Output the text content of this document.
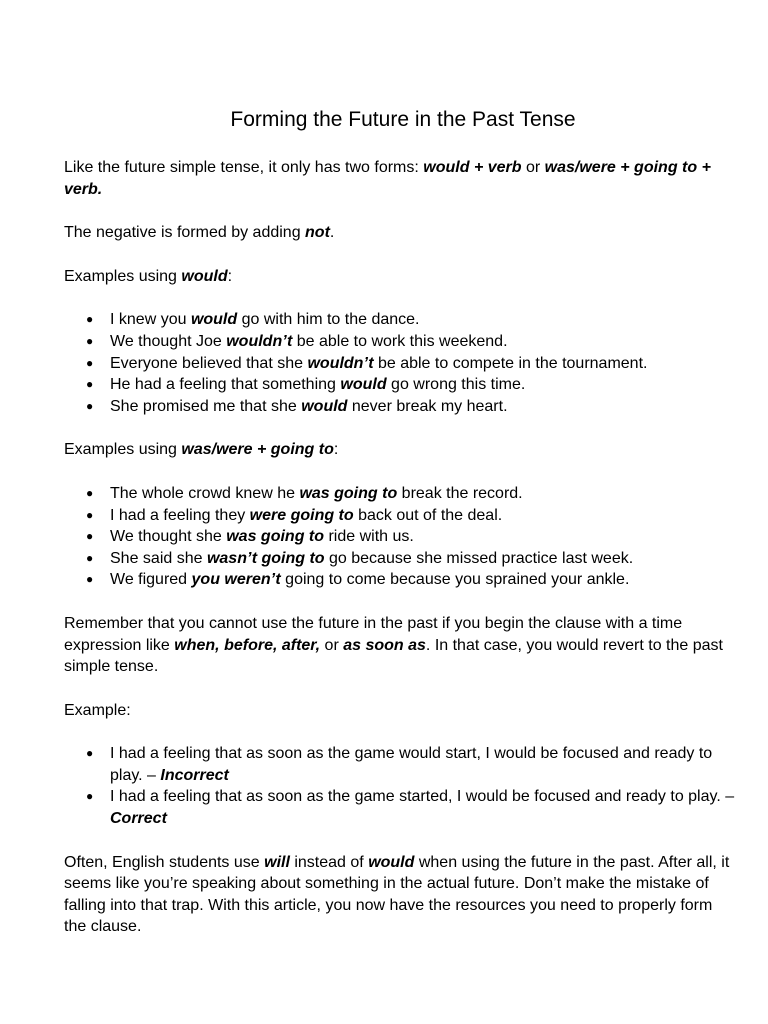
Forming the Future in the Past Tense

Like the future simple tense, it only has two forms: would + verb or was/were + going to + verb.

The negative is formed by adding not.

Examples using would:

● I knew you would go with him to the dance.
● We thought Joe wouldn’t be able to work this weekend.
● Everyone believed that she wouldn’t be able to compete in the tournament.
● He had a feeling that something would go wrong this time.
● She promised me that she would never break my heart.

Examples using was/were + going to:

● The whole crowd knew he was going to break the record.
● I had a feeling they were going to back out of the deal.
● We thought she was going to ride with us.
● She said she wasn’t going to go because she missed practice last week.
● We figured you weren’t going to come because you sprained your ankle.

Remember that you cannot use the future in the past if you begin the clause with a time expression like when, before, after, or as soon as. In that case, you would revert to the past simple tense.

Example:

● I had a feeling that as soon as the game would start, I would be focused and ready to play. – Incorrect
● I had a feeling that as soon as the game started, I would be focused and ready to play. – Correct

Often, English students use will instead of would when using the future in the past. After all, it seems like you’re speaking about something in the actual future. Don’t make the mistake of falling into that trap. With this article, you now have the resources you need to properly form the clause.
